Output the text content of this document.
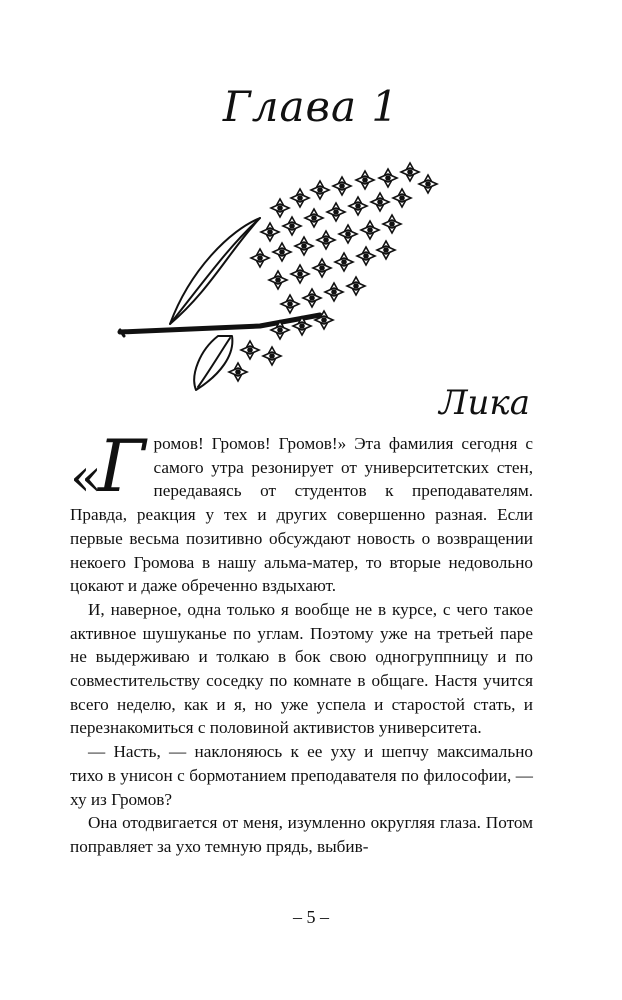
Глава 1
Лика

« Г ромов! Громов! Громов!» Эта фамилия сегодня с самого утра резонирует от университетских стен, передаваясь от студентов к преподавателям. Правда, реакция у тех и других совершенно разная. Если первые весьма позитивно обсуждают новость о возвращении некоего Громова в нашу альма-матер, то вторые недовольно цокают и даже обреченно вздыхают.

И, наверное, одна только я вообще не в курсе, с чего такое активное шушуканье по углам. Поэтому уже на третьей паре не выдерживаю и толкаю в бок свою одногруппницу и по совместительству соседку по комнате в общаге. Настя учится всего неделю, как и я, но уже успела и старостой стать, и перезнакомиться с половиной активистов университета.

— Насть, — наклоняюсь к ее уху и шепчу максимально тихо в унисон с бормотанием преподавателя по философии, — ху из Громов?

Она отодвигается от меня, изумленно округляя глаза. Потом поправляет за ухо темную прядь, выбив-

– 5 –
